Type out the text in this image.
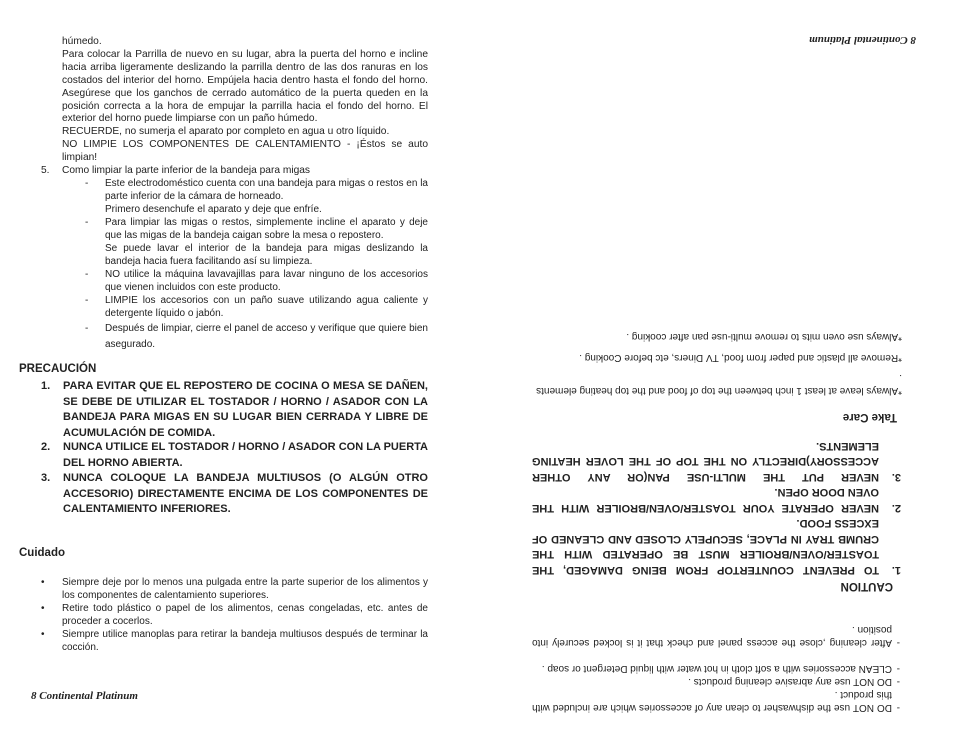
húmedo.
Para colocar la Parrilla de nuevo en su lugar, abra la puerta del horno e incline hacia arriba ligeramente deslizando la parrilla dentro de las dos ranuras en los costados del interior del horno. Empújela hacia dentro hasta el fondo del horno. Asegúrese que los ganchos de cerrado automático de la puerta queden en la posición correcta a la hora de empujar la parrilla hacia el fondo del horno. El exterior del horno puede limpiarse con un paño húmedo.
RECUERDE, no sumerja el aparato por completo en agua u otro líquido.
NO LIMPIE LOS COMPONENTES DE CALENTAMIENTO - ¡Éstos se auto limpian!
5. Como limpiar la parte inferior de la bandeja para migas
- Este electrodoméstico cuenta con una bandeja para migas o restos en la parte inferior de la cámara de horneado.
Primero desenchufe el aparato y deje que enfríe.
- Para limpiar las migas o restos, simplemente incline el aparato y deje que las migas de la bandeja caigan sobre la mesa o repostero.
Se puede lavar el interior de la bandeja para migas deslizando la bandeja hacia fuera facilitando así su limpieza.
- NO utilice la máquina lavavajillas para lavar ninguno de los accesorios que vienen incluidos con este producto.
- LIMPIE los accesorios con un paño suave utilizando agua caliente y detergente líquido o jabón.
- Después de limpiar, cierre el panel de acceso y verifique que quiere bien asegurado.
PRECAUCIÓN
1. PARA EVITAR QUE EL REPOSTERO DE COCINA O MESA SE DAÑEN, SE DEBE DE UTILIZAR EL TOSTADOR / HORNO / ASADOR CON LA BANDEJA PARA MIGAS EN SU LUGAR BIEN CERRADA Y LIBRE DE ACUMULACIÓN DE COMIDA.
2. NUNCA UTILICE EL TOSTADOR / HORNO / ASADOR CON LA PUERTA DEL HORNO ABIERTA.
3. NUNCA COLOQUE LA BANDEJA MULTIUSOS (O ALGÚN OTRO ACCESORIO) DIRECTAMENTE ENCIMA DE LOS COMPONENTES DE CALENTAMIENTO INFERIORES.
Cuidado
• Siempre deje por lo menos una pulgada entre la parte superior de los alimentos y los componentes de calentamiento superiores.
• Retire todo plástico o papel de los alimentos, cenas congeladas, etc. antes de proceder a cocerlos.
• Siempre utilice manoplas para retirar la bandeja multiusos después de terminar la cocción.
8 Continental Platinum
8 Continental Platinum
-
DO NOT use the dishwasher to clean any of accessories which are included with this product .
-
DO NOT use any abrasive cleaning products .
-
CLEAN accessories with a soft cloth in hot water with liquid Detergent or soap .
-
After cleaning ,close the access panel and check that it is locked securely into position .
CAUTION
1.
TO PREVENT COUNTERTOP FROM BEING DAMAGED, THE TOASTER/OVEN/BROILER MUST BE OPERATED WITH THE CRUMB TRAY IN PLACE, SECUPELY CLOSED AND CLEANED OF EXCESS FOOD.
2.
NEVER OPERATE YOUR TOASTER/OVEN/BROILER WITH THE OVEN DOOR OPEN.
3.
NEVER PUT THE MULTI-USE PAN(OR ANY OTHER ACCESSORY)DIRECTLY ON THE TOP OF THE LOVER HEATING ELEMENTS.
Take Care
*Always leave at least 1 inch between the top of food and the top heating elements
.
*Remove all plastic and paper from food, TV Diners, etc before Cooking .
*Always use oven mits to remove multi-use pan after cooking .
